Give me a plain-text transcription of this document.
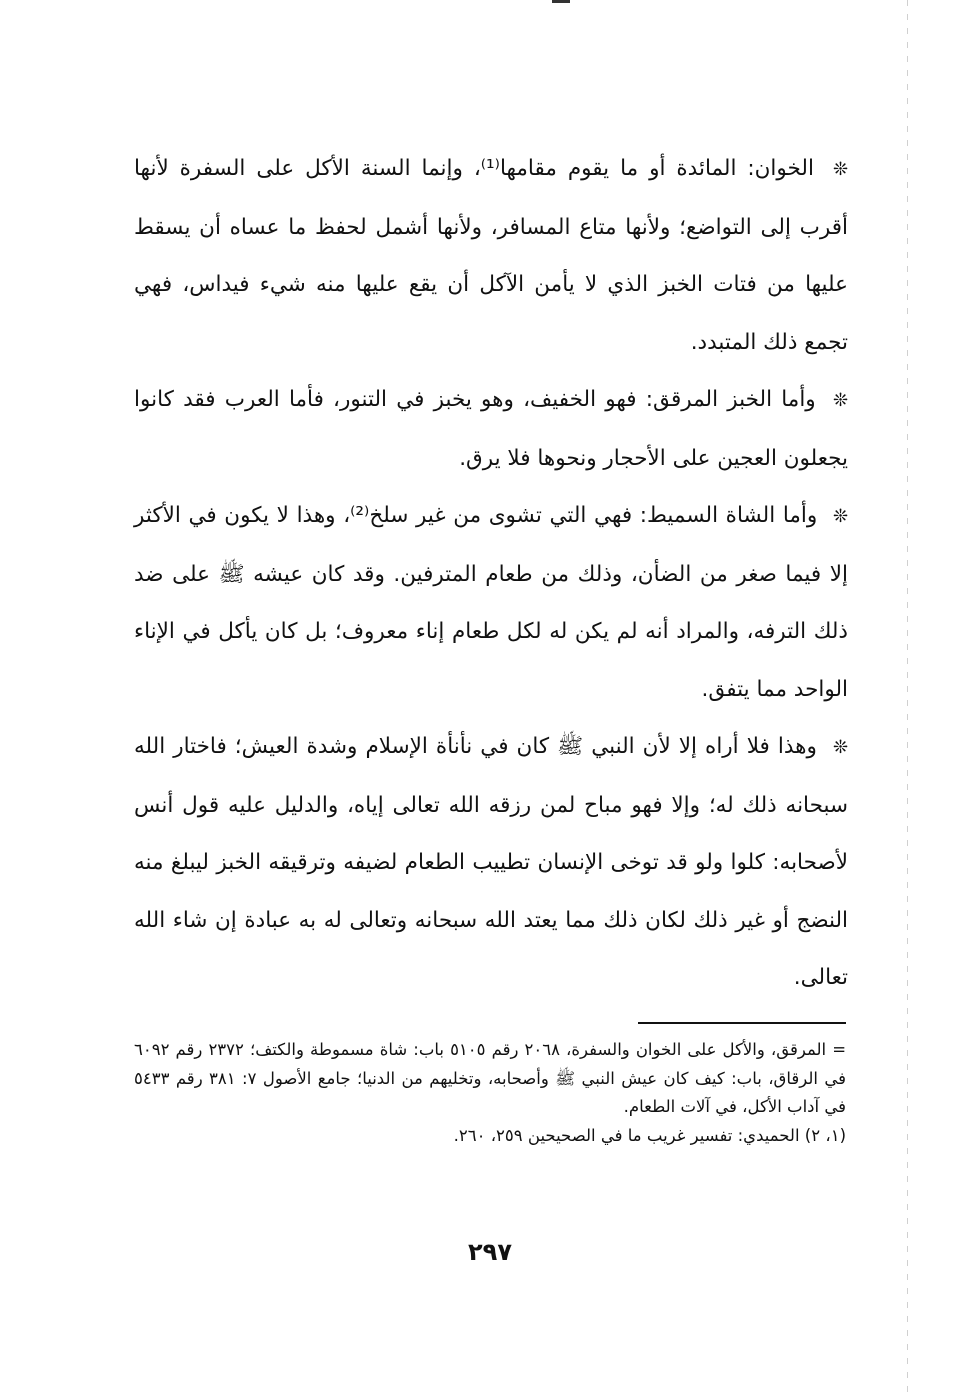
❊ الخوان: المائدة أو ما يقوم مقامها⁽¹⁾، وإنما السنة الأكل على السفرة لأنها أقرب إلى التواضع؛ ولأنها متاع المسافر، ولأنها أشمل لحفظ ما عساه أن يسقط عليها من فتات الخبز الذي لا يأمن الآكل أن يقع عليها منه شيء فيداس، فهي تجمع ذلك المتبدد.

❊ وأما الخبز المرقق: فهو الخفيف، وهو يخبز في التنور، فأما العرب فقد كانوا يجعلون العجين على الأحجار ونحوها فلا يرق.

❊ وأما الشاة السميط: فهي التي تشوى من غير سلخ⁽²⁾، وهذا لا يكون في الأكثر إلا فيما صغر من الضأن، وذلك من طعام المترفين. وقد كان عيشه ﷺ على ضد ذلك الترفه، والمراد أنه لم يكن له لكل طعام إناء معروف؛ بل كان يأكل في الإناء الواحد مما يتفق.

❊ وهذا فلا أراه إلا لأن النبي ﷺ كان في نأنأة الإسلام وشدة العيش؛ فاختار الله سبحانه ذلك له؛ وإلا فهو مباح لمن رزقه الله تعالى إياه، والدليل عليه قول أنس لأصحابه: كلوا ولو قد توخى الإنسان تطييب الطعام لضيفه وترقيقه الخبز ليبلغ منه النضج أو غير ذلك لكان ذلك مما يعتد الله سبحانه وتعالى له به عبادة إن شاء الله تعالى.

= المرقق، والأكل على الخوان والسفرة، ٢٠٦٨ رقم ٥١٠٥ باب: شاة مسموطة والكتف؛ ٢٣٧٢ رقم ٦٠٩٢ في الرقاق، باب: كيف كان عيش النبي ﷺ وأصحابه، وتخليهم من الدنيا؛ جامع الأصول ٧: ٣٨١ رقم ٥٤٣٣ في آداب الأكل، في آلات الطعام.

(١، ٢) الحميدي: تفسير غريب ما في الصحيحين ٢٥٩، ٢٦٠.

٢٩٧
